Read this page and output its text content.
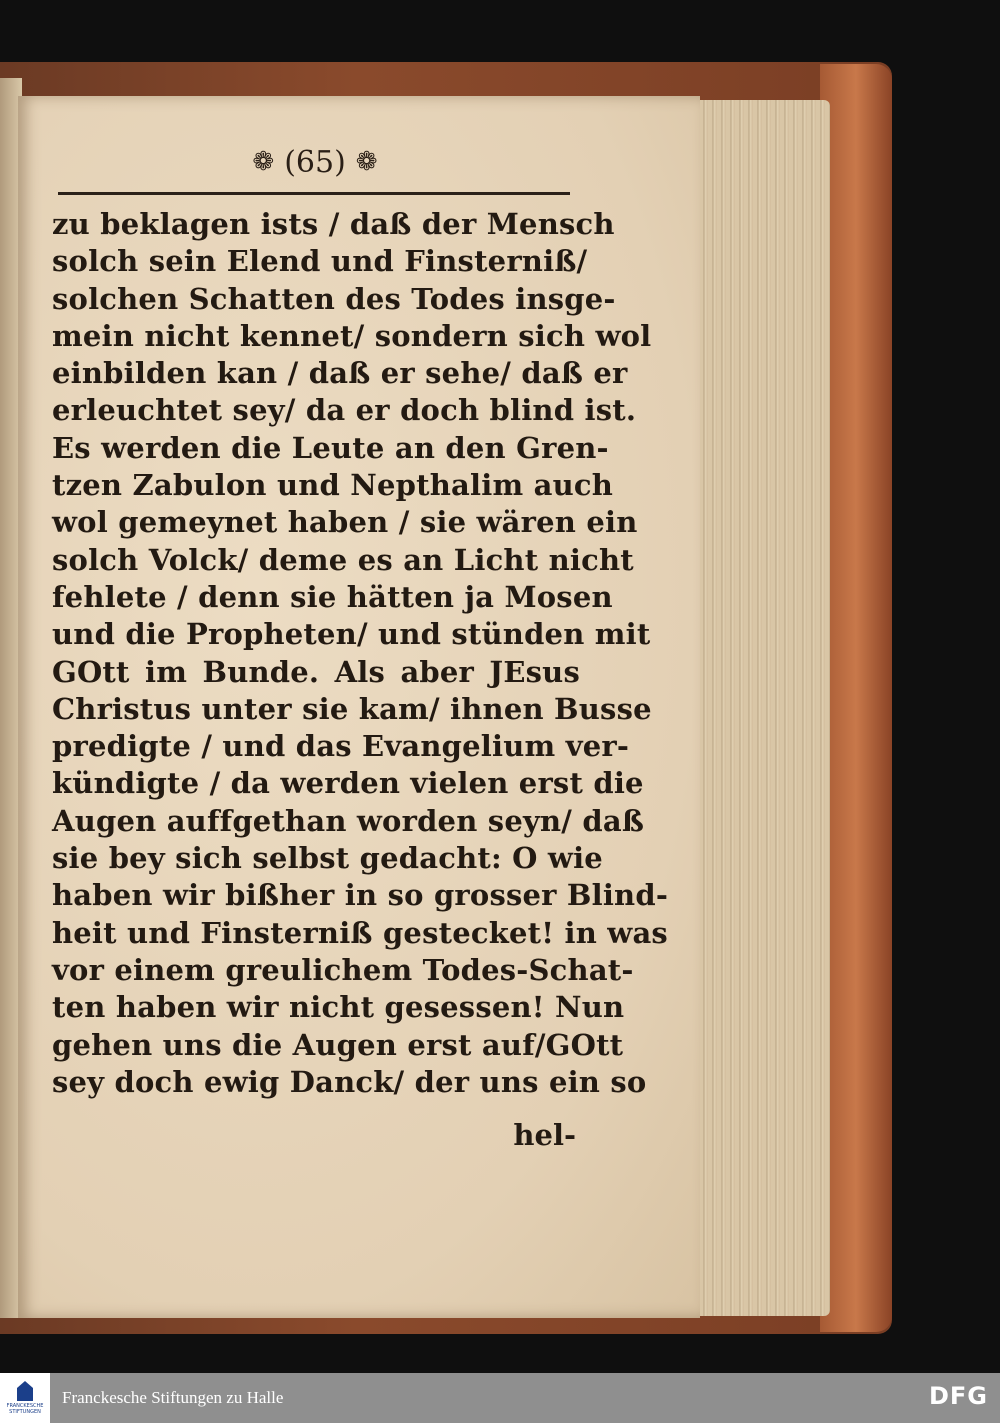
❁ (65) ❁
zu beklagen ists / daß der Mensch
solch sein Elend und Finsterniß/
solchen Schatten des Todes insge-
mein nicht kennet/ sondern sich wol
einbilden kan / daß er sehe/ daß er
erleuchtet sey/ da er doch blind ist.
Es werden die Leute an den Gren-
tzen Zabulon und Nepthalim auch
wol gemeynet haben / sie wären ein
solch Volck/ deme es an Licht nicht
fehlete / denn sie hätten ja Mosen
und die Propheten/ und stünden mit
GOtt im Bunde. Als aber JEsus
Christus unter sie kam/ ihnen Busse
predigte / und das Evangelium ver-
kündigte / da werden vielen erst die
Augen auffgethan worden seyn/ daß
sie bey sich selbst gedacht: O wie
haben wir bißher in so grosser Blind-
heit und Finsterniß gestecket! in was
vor einem greulichem Todes-Schat-
ten haben wir nicht gesessen! Nun
gehen uns die Augen erst auf/GOtt
sey doch ewig Danck/ der uns ein so
hel-
FRANCKESCHE STIFTUNGEN
Franckesche Stiftungen zu Halle	DFG
